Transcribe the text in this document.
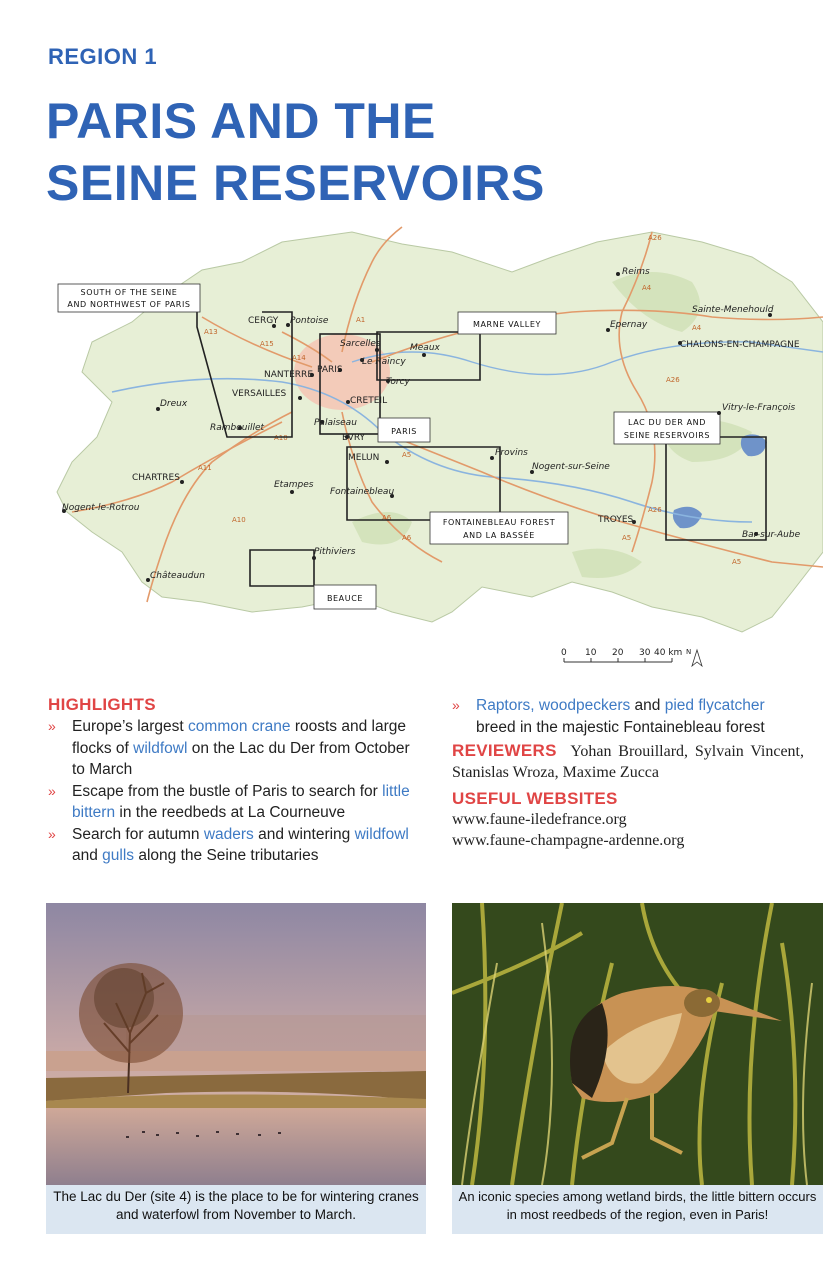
REGION 1
PARIS AND THE
SEINE RESERVOIRS
A26
A4
A4
A26
A13
A14
A15
A1
A10
A11
A10
A5
A6
A26
A5
A5
A6
SOUTH OF THE SEINE
AND NORTHWEST OF PARIS
MARNE VALLEY
PARIS
LAC DU DER AND
SEINE RESERVOIRS
FONTAINEBLEAU FOREST
AND LA BASSÉE
BEAUCE
Reims
Sainte-Menehould
Epernay
CHALONS-EN-CHAMPAGNE
Vitry-le-François
CERGY Pontoise
Sarcelles	Meaux
Le Raincy
NANTERRE PARIS
Torcy
VERSAILLES
CRETEIL
Dreux
Rambouillet	Palaiseau
EVRY
Provins
MELUN
Nogent-sur-Seine
CHARTRES
Etampes
Fontainebleau
Nogent-le-Rotrou
TROYES
Bar-sur-Aube
Pithiviers
Châteaudun
0 10 20 30 40 km N
HIGHLIGHTS
» Europe’s largest common crane roosts and large flocks of wildfowl on the Lac du Der from October to March
» Escape from the bustle of Paris to search for little bittern in the reedbeds at La Courneuve
» Search for autumn waders and wintering wildfowl and gulls along the Seine tributaries
» Raptors, woodpeckers and pied flycatcher breed in the majestic Fontainebleau forest
REVIEWERS Yohan Brouillard, Sylvain Vincent, Stanislas Wroza, Maxime Zucca
USEFUL WEBSITES
www.faune-iledefrance.org
www.faune-champagne-ardenne.org
The Lac du Der (site 4) is the place to be for wintering cranes and waterfowl from November to March.
An iconic species among wetland birds, the little bittern occurs in most reedbeds of the region, even in Paris!
